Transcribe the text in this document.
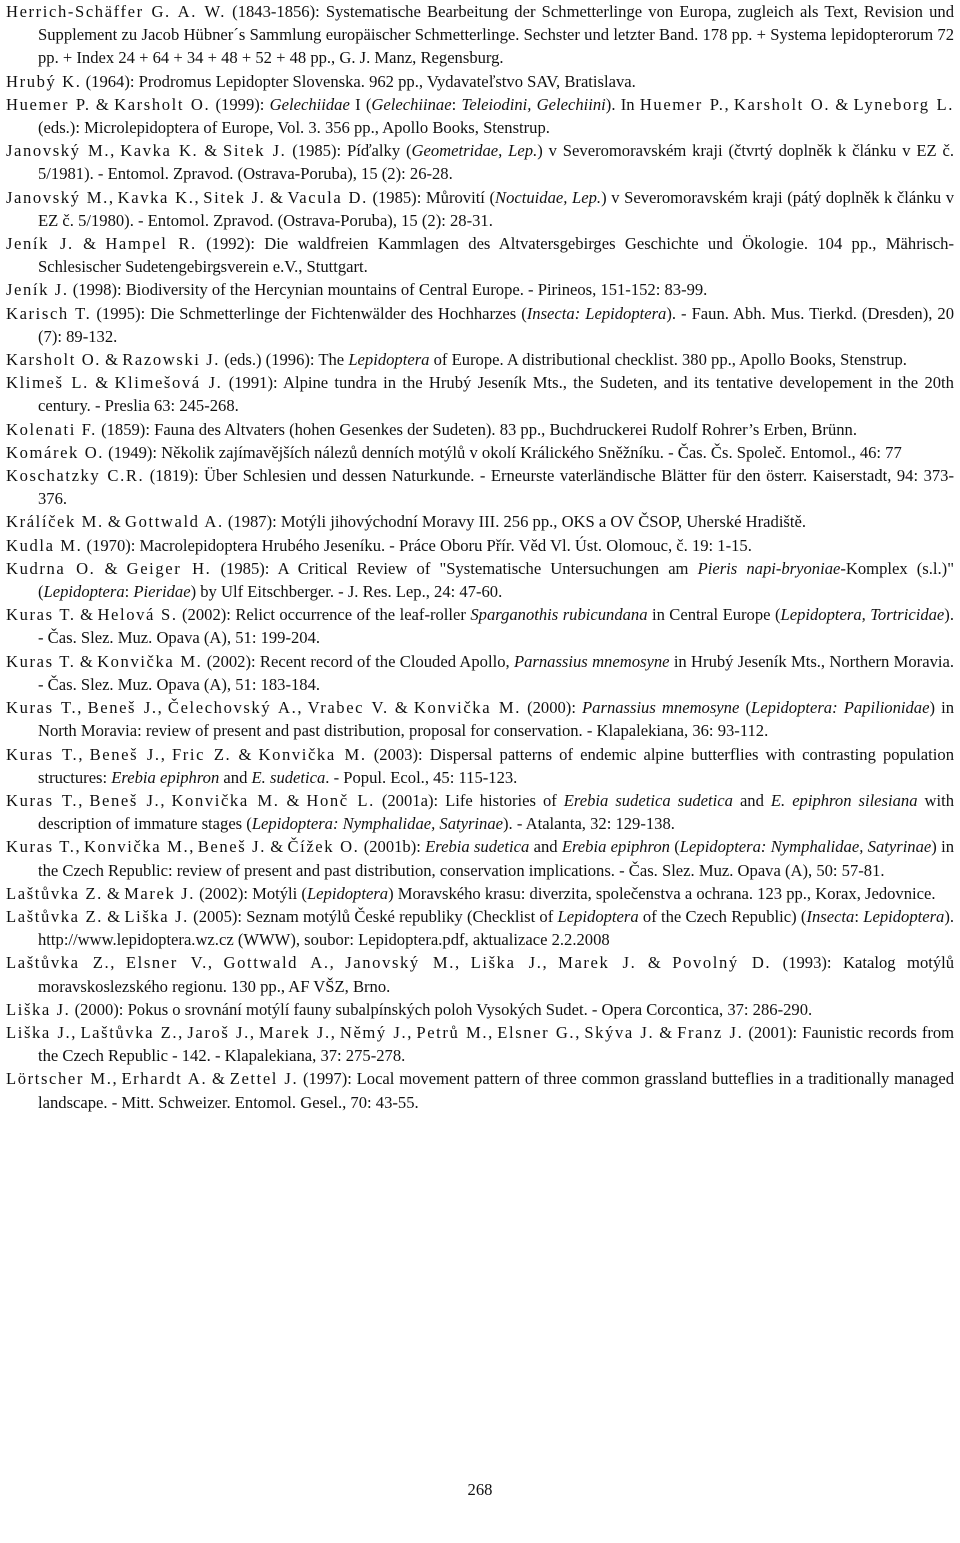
Herrich-Schäffer G. A. W. (1843-1856): Systematische Bearbeitung der Schmetterlinge von Europa, zugleich als Text, Revision und Supplement zu Jacob Hübner´s Sammlung europäischer Schmetterlinge. Sechster und letzter Band. 178 pp. + Systema lepidopterorum 72 pp. + Index 24 + 64 + 34 + 48 + 52 + 48 pp., G. J. Manz, Regensburg.

Hrubý K. (1964): Prodromus Lepidopter Slovenska. 962 pp., Vydavateľstvo SAV, Bratislava.

Huemer P. & Karsholt O. (1999): Gelechiidae I (Gelechiinae: Teleiodini, Gelechiini). In Huemer P., Karsholt O. & Lyneborg L. (eds.): Microlepidoptera of Europe, Vol. 3. 356 pp., Apollo Books, Stenstrup.

Janovský M., Kavka K. & Sitek J. (1985): Píďalky (Geometridae, Lep.) v Severomoravském kraji (čtvrtý doplněk k článku v EZ č. 5/1981). - Entomol. Zpravod. (Ostrava-Poruba), 15 (2): 26-28.

Janovský M., Kavka K., Sitek J. & Vacula D. (1985): Můrovití (Noctuidae, Lep.) v Severomoravském kraji (pátý doplněk k článku v EZ č. 5/1980). - Entomol. Zpravod. (Ostrava-Poruba), 15 (2): 28-31.

Jeník J. & Hampel R. (1992): Die waldfreien Kammlagen des Altvatersgebirges Geschichte und Ökologie. 104 pp., Mährisch-Schlesischer Sudetengebirgsverein e.V., Stuttgart.

Jeník J. (1998): Biodiversity of the Hercynian mountains of Central Europe. - Pirineos, 151-152: 83-99.

Karisch T. (1995): Die Schmetterlinge der Fichtenwälder des Hochharzes (Insecta: Lepidoptera). - Faun. Abh. Mus. Tierkd. (Dresden), 20 (7): 89-132.

Karsholt O. & Razowski J. (eds.) (1996): The Lepidoptera of Europe. A distributional checklist. 380 pp., Apollo Books, Stenstrup.

Klimeš L. & Klimešová J. (1991): Alpine tundra in the Hrubý Jeseník Mts., the Sudeten, and its tentative developement in the 20th century. - Preslia 63: 245-268.

Kolenati F. (1859): Fauna des Altvaters (hohen Gesenkes der Sudeten). 83 pp., Buchdruckerei Rudolf Rohrer’s Erben, Brünn.

Komárek O. (1949): Několik zajímavějších nálezů denních motýlů v okolí Králického Sněžníku. - Čas. Čs. Společ. Entomol., 46: 77

Koschatzky C.R. (1819): Über Schlesien und dessen Naturkunde. - Erneurste vaterländische Blätter für den österr. Kaiserstadt, 94: 373-376.

Králíček M. & Gottwald A. (1987): Motýli jihovýchodní Moravy III. 256 pp., OKS a OV ČSOP, Uherské Hradiště.

Kudla M. (1970): Macrolepidoptera Hrubého Jeseníku. - Práce Oboru Přír. Věd Vl. Úst. Olomouc, č. 19: 1-15.

Kudrna O. & Geiger H. (1985): A Critical Review of "Systematische Untersuchungen am Pieris napi-bryoniae-Komplex (s.l.)" (Lepidoptera: Pieridae) by Ulf Eitschberger. - J. Res. Lep., 24: 47-60.

Kuras T. & Helová S. (2002): Relict occurrence of the leaf-roller Sparganothis rubicundana in Central Europe (Lepidoptera, Tortricidae). - Čas. Slez. Muz. Opava (A), 51: 199-204.

Kuras T. & Konvička M. (2002): Recent record of the Clouded Apollo, Parnassius mnemosyne in Hrubý Jeseník Mts., Northern Moravia. - Čas. Slez. Muz. Opava (A), 51: 183-184.

Kuras T., Beneš J., Čelechovský A., Vrabec V. & Konvička M. (2000): Parnassius mnemosyne (Lepidoptera: Papilionidae) in North Moravia: review of present and past distribution, proposal for conservation. - Klapalekiana, 36: 93-112.

Kuras T., Beneš J., Fric Z. & Konvička M. (2003): Dispersal patterns of endemic alpine butterflies with contrasting population structures: Erebia epiphron and E. sudetica. - Popul. Ecol., 45: 115-123.

Kuras T., Beneš J., Konvička M. & Honč L. (2001a): Life histories of Erebia sudetica sudetica and E. epiphron silesiana with description of immature stages (Lepidoptera: Nymphalidae, Satyrinae). - Atalanta, 32: 129-138.

Kuras T., Konvička M., Beneš J. & Čížek O. (2001b): Erebia sudetica and Erebia epiphron (Lepidoptera: Nymphalidae, Satyrinae) in the Czech Republic: review of present and past distribution, conservation implications. - Čas. Slez. Muz. Opava (A), 50: 57-81.

Laštůvka Z. & Marek J. (2002): Motýli (Lepidoptera) Moravského krasu: diverzita, společenstva a ochrana. 123 pp., Korax, Jedovnice.

Laštůvka Z. & Liška J. (2005): Seznam motýlů České republiky (Checklist of Lepidoptera of the Czech Republic) (Insecta: Lepidoptera). http://www.lepidoptera.wz.cz (WWW), soubor: Lepidoptera.pdf, aktualizace 2.2.2008

Laštůvka Z., Elsner V., Gottwald A., Janovský M., Liška J., Marek J. & Povolný D. (1993): Katalog motýlů moravskoslezského regionu. 130 pp., AF VŠZ, Brno.

Liška J. (2000): Pokus o srovnání motýlí fauny subalpínských poloh Vysokých Sudet. - Opera Corcontica, 37: 286-290.

Liška J., Laštůvka Z., Jaroš J., Marek J., Němý J., Petrů M., Elsner G., Skýva J. & Franz J. (2001): Faunistic records from the Czech Republic - 142. - Klapalekiana, 37: 275-278.

Lörtscher M., Erhardt A. & Zettel J. (1997): Local movement pattern of three common grassland butteflies in a traditionally managed landscape. - Mitt. Schweizer. Entomol. Gesel., 70: 43-55.

268
